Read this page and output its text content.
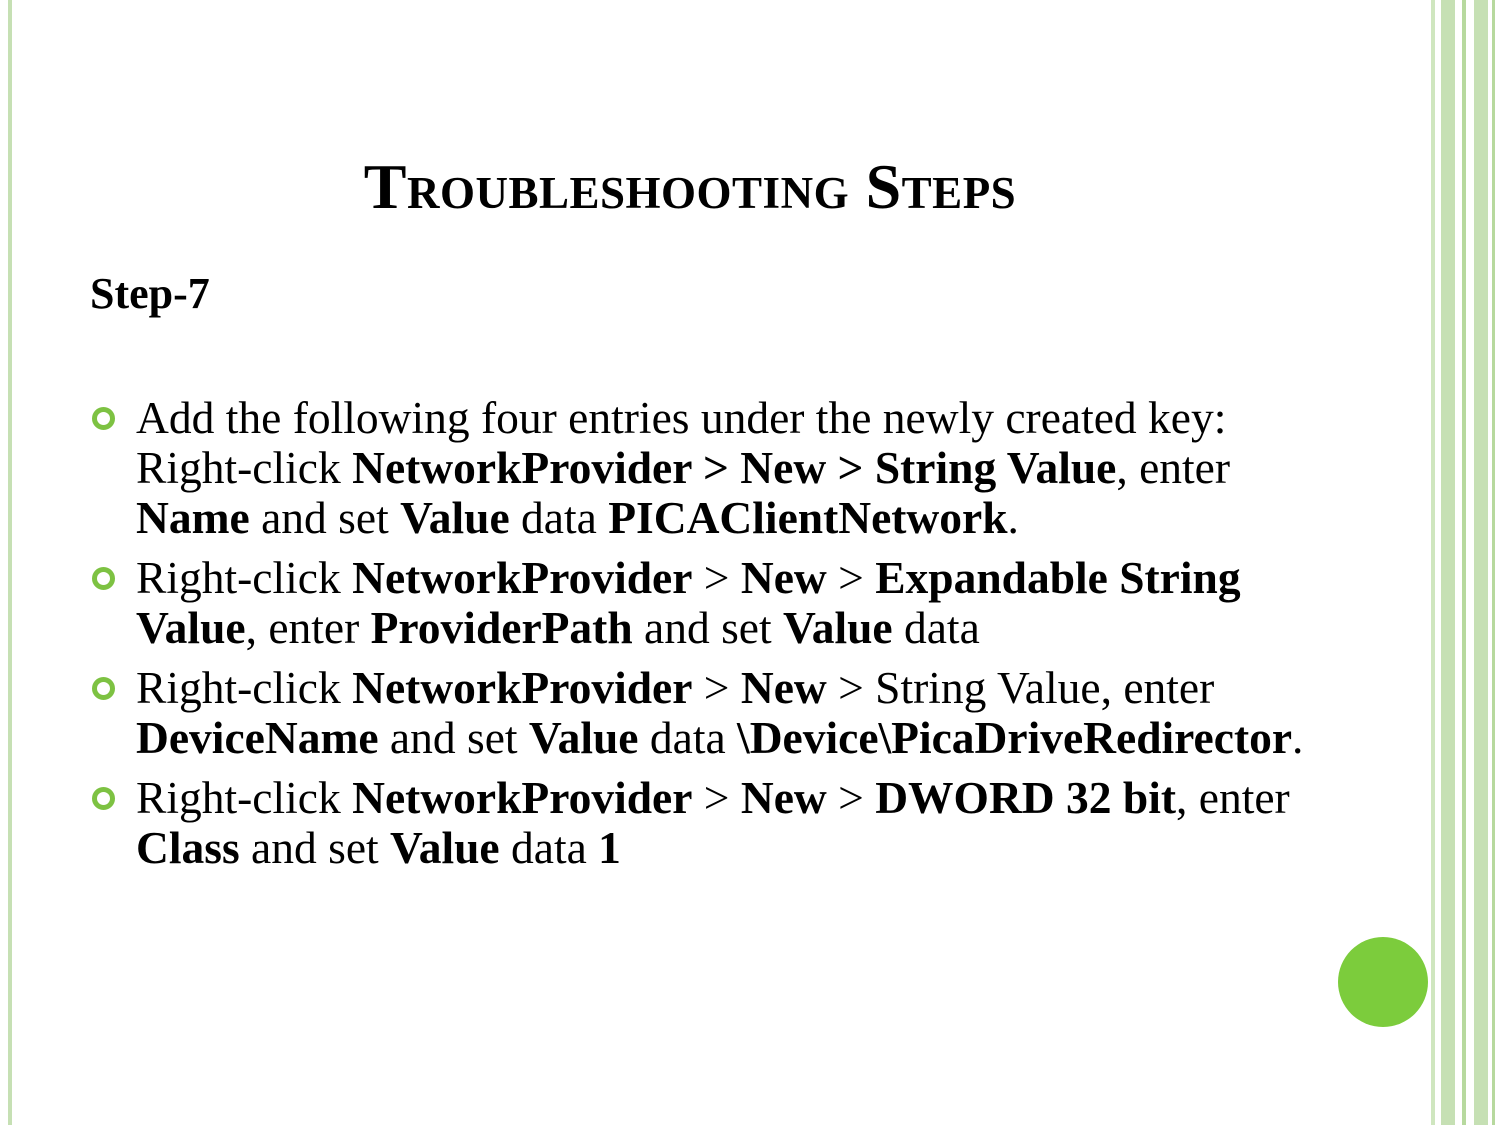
Troubleshooting Steps
Step-7
Add the following four entries under the newly created key: Right-click NetworkProvider > New > String Value, enter Name and set Value data PICAClientNetwork.
Right-click NetworkProvider > New > Expandable String Value, enter ProviderPath and set Value data
Right-click NetworkProvider > New > String Value, enter DeviceName and set Value data \Device\PicaDriveRedirector.
Right-click NetworkProvider > New > DWORD 32 bit, enter Class and set Value data 1
